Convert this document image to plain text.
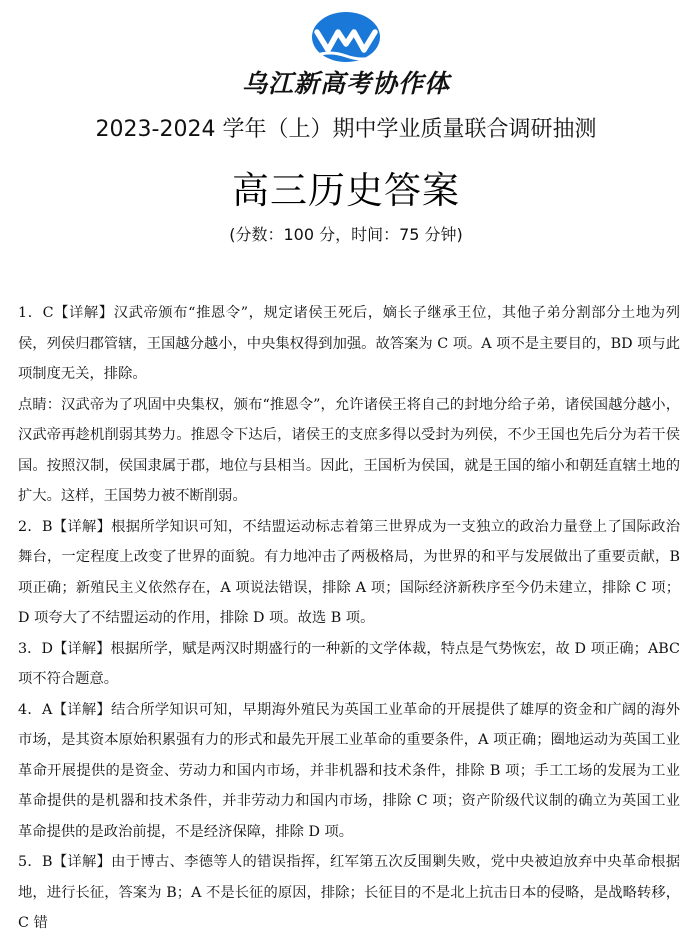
乌江新高考协作体
2023-2024 学年（上）期中学业质量联合调研抽测
高三历史答案
(分数：100 分，时间：75 分钟)

1．C【详解】汉武帝颁布“推恩令”，规定诸侯王死后，嫡长子继承王位，其他子弟分割部分土地为列侯，列侯归郡管辖，王国越分越小，中央集权得到加强。故答案为 C 项。A 项不是主要目的，BD 项与此项制度无关，排除。

点睛：汉武帝为了巩固中央集权，颁布“推恩令”，允许诸侯王将自己的封地分给子弟，诸侯国越分越小，汉武帝再趁机削弱其势力。推恩令下达后，诸侯王的支庶多得以受封为列侯，不少王国也先后分为若干侯国。按照汉制，侯国隶属于郡，地位与县相当。因此，王国析为侯国，就是王国的缩小和朝廷直辖土地的扩大。这样，王国势力被不断削弱。

2．B【详解】根据所学知识可知，不结盟运动标志着第三世界成为一支独立的政治力量登上了国际政治舞台，一定程度上改变了世界的面貌。有力地冲击了两极格局，为世界的和平与发展做出了重要贡献，B 项正确；新殖民主义依然存在，A 项说法错误，排除 A 项；国际经济新秩序至今仍未建立，排除 C 项；D 项夸大了不结盟运动的作用，排除 D 项。故选 B 项。

3．D【详解】根据所学，赋是两汉时期盛行的一种新的文学体裁，特点是气势恢宏，故 D 项正确；ABC 项不符合题意。

4．A【详解】结合所学知识可知，早期海外殖民为英国工业革命的开展提供了雄厚的资金和广阔的海外市场，是其资本原始积累强有力的形式和最先开展工业革命的重要条件，A 项正确；圈地运动为英国工业革命开展提供的是资金、劳动力和国内市场，并非机器和技术条件，排除 B 项；手工工场的发展为工业革命提供的是机器和技术条件，并非劳动力和国内市场，排除 C 项；资产阶级代议制的确立为英国工业革命提供的是政治前提，不是经济保障，排除 D 项。

5．B【详解】由于博古、李德等人的错误指挥，红军第五次反围剿失败，党中央被迫放弃中央革命根据地，进行长征，答案为 B；A 不是长征的原因，排除；长征目的不是北上抗击日本的侵略，是战略转移，C 错
